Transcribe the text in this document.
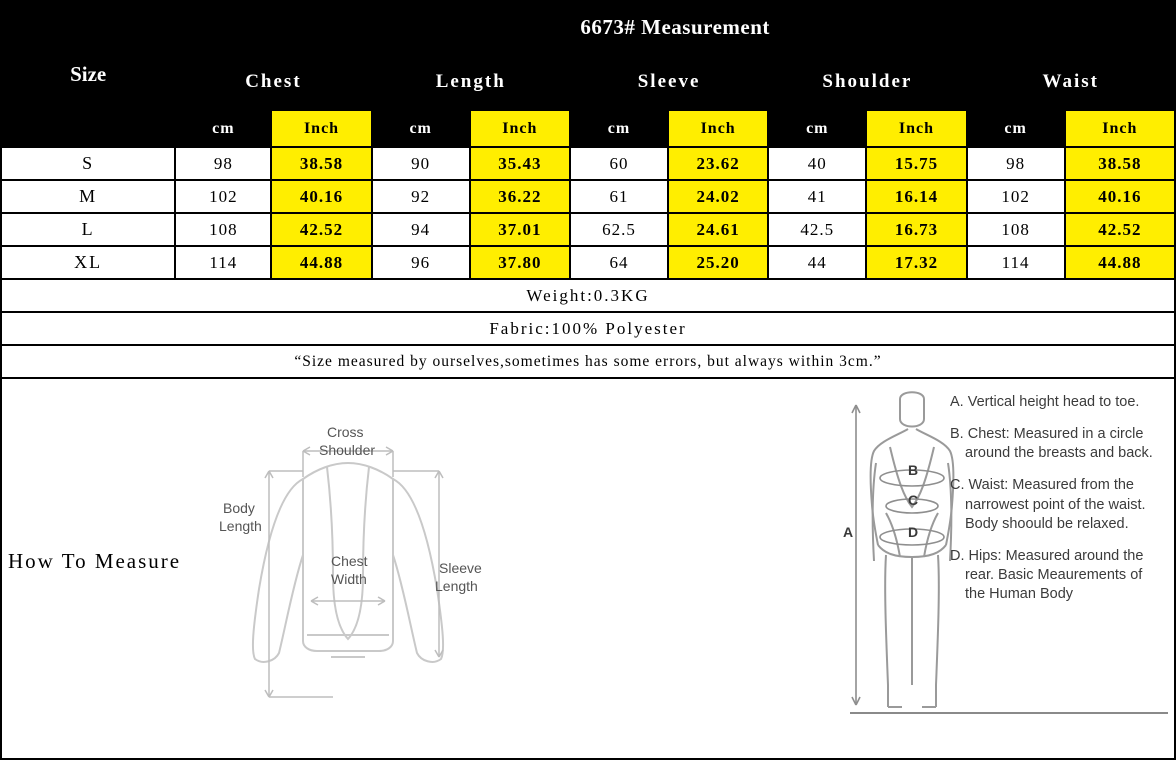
Size	6673# Measurement									
	Chest		Length		Sleeve		Shoulder		Waist	
	cm	Inch	cm	Inch	cm	Inch	cm	Inch	cm	Inch
S	98	38.58	90	35.43	60	23.62	40	15.75	98	38.58
M	102	40.16	92	36.22	61	24.02	41	16.14	102	40.16
L	108	42.52	94	37.01	62.5	24.61	42.5	16.73	108	42.52
XL	114	44.88	96	37.80	64	25.20	44	17.32	114	44.88
Weight:0.3KG										
Fabric:100% Polyester										
“Size measured by ourselves,sometimes has some errors, but always within 3cm.”										
How To Measure
Cross
Shoulder
Body
Length
Chest
Width
Sleeve
Length
B
C
D
A

A. Vertical height head to toe.

B. Chest: Measured in a circle around the breasts and back.

C. Waist: Measured from the narrowest point of the waist. Body shoould be relaxed.

D. Hips: Measured around the rear. Basic Meaurements of the Human Body
